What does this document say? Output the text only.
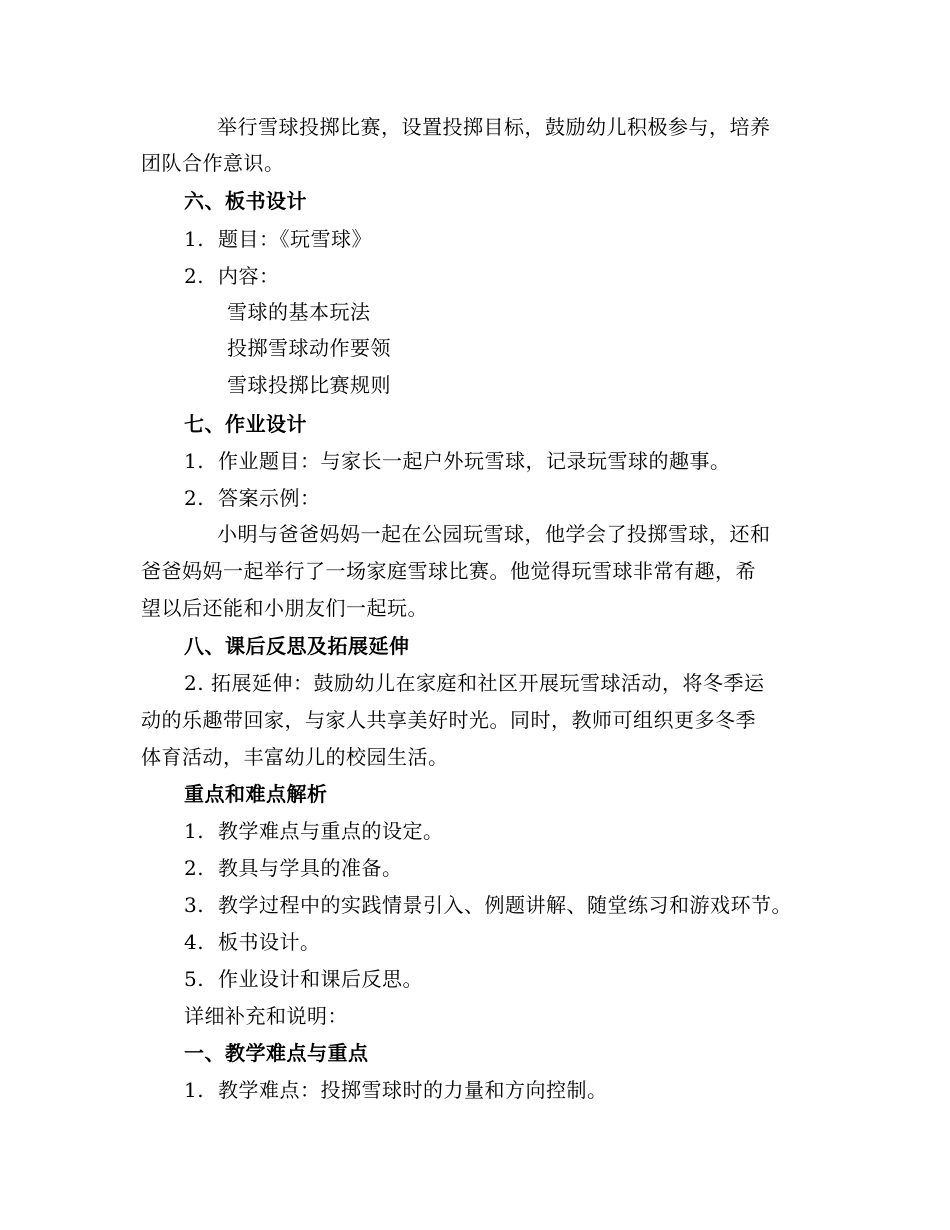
举行雪球投掷比赛，设置投掷目标，鼓励幼儿积极参与，培养
团队合作意识。
六、板书设计
1. 题目：《玩雪球》
2. 内容：
雪球的基本玩法
投掷雪球动作要领
雪球投掷比赛规则
七、作业设计
1. 作业题目：与家长一起户外玩雪球，记录玩雪球的趣事。
2. 答案示例：
小明与爸爸妈妈一起在公园玩雪球，他学会了投掷雪球，还和
爸爸妈妈一起举行了一场家庭雪球比赛。他觉得玩雪球非常有趣，希
望以后还能和小朋友们一起玩。
八、课后反思及拓展延伸
2. 拓展延伸：鼓励幼儿在家庭和社区开展玩雪球活动，将冬季运
动的乐趣带回家，与家人共享美好时光。同时，教师可组织更多冬季
体育活动，丰富幼儿的校园生活。
重点和难点解析
1. 教学难点与重点的设定。
2. 教具与学具的准备。
3. 教学过程中的实践情景引入、例题讲解、随堂练习和游戏环节。
4. 板书设计。
5. 作业设计和课后反思。
详细补充和说明：
一、教学难点与重点
1. 教学难点：投掷雪球时的力量和方向控制。
